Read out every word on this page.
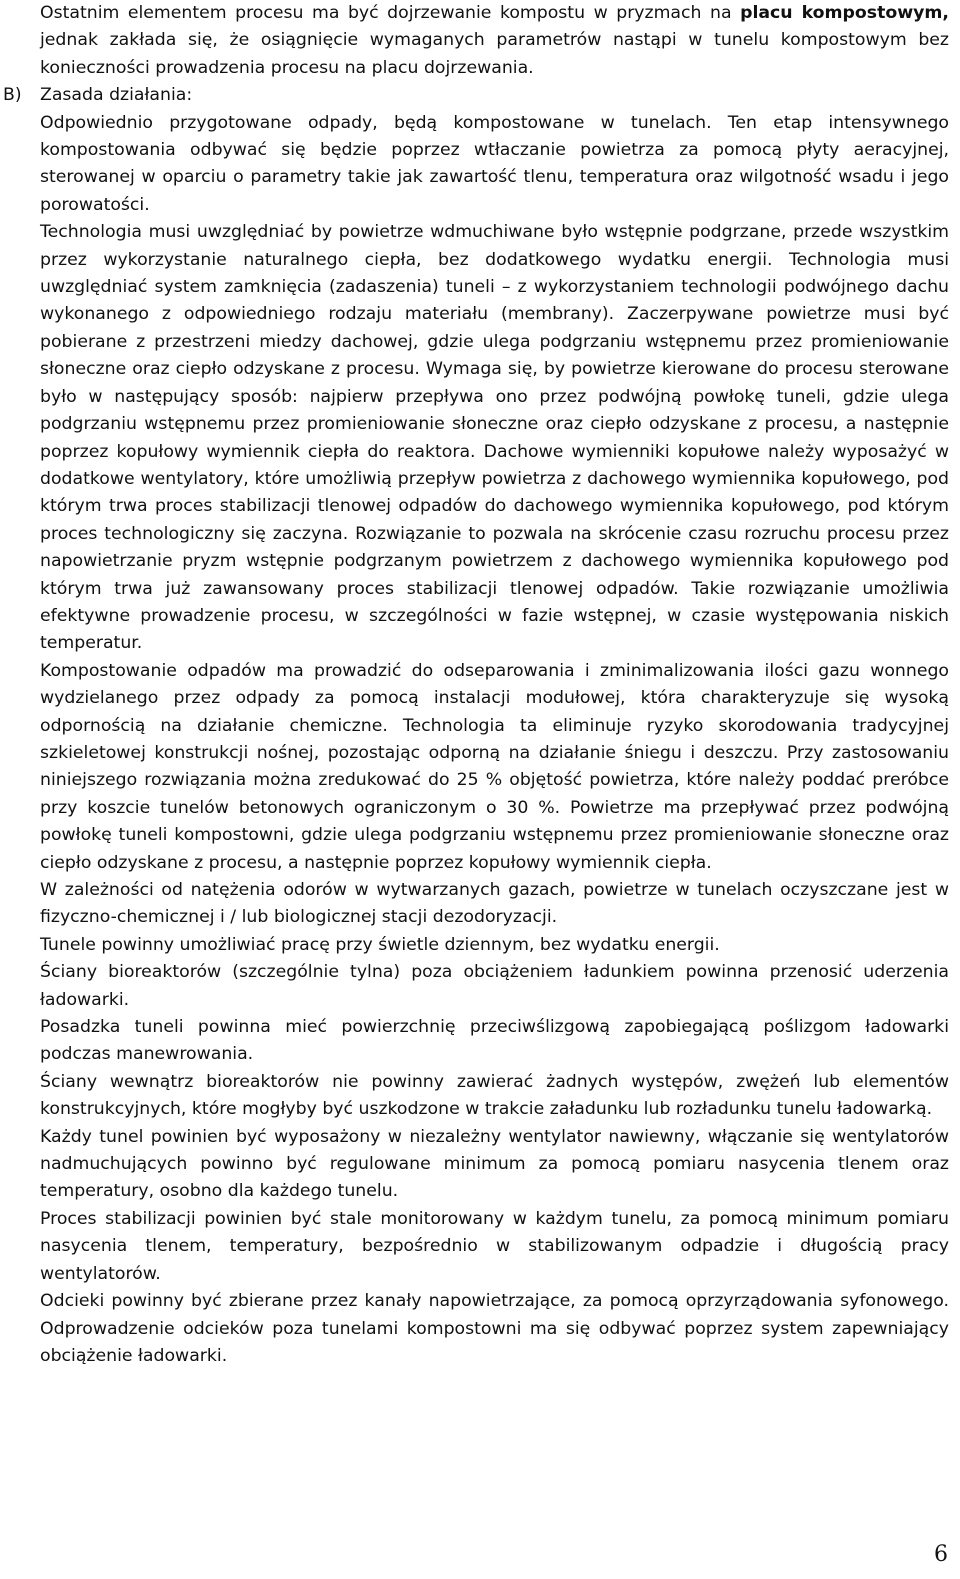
Ostatnim elementem procesu ma być dojrzewanie kompostu w pryzmach na placu kompostowym, jednak zakłada się, że osiągnięcie wymaganych parametrów nastąpi w tunelu kompostowym bez konieczności prowadzenia procesu na placu dojrzewania.

B) Zasada działania:

Odpowiednio przygotowane odpady, będą kompostowane w tunelach. Ten etap intensywnego kompostowania odbywać się będzie poprzez wtłaczanie powietrza za pomocą płyty aeracyjnej, sterowanej w oparciu o parametry takie jak zawartość tlenu, temperatura oraz wilgotność wsadu i jego porowatości.

Technologia musi uwzględniać by powietrze wdmuchiwane było wstępnie podgrzane, przede wszystkim przez wykorzystanie naturalnego ciepła, bez dodatkowego wydatku energii. Technologia musi uwzględniać system zamknięcia (zadaszenia) tuneli – z wykorzystaniem technologii podwójnego dachu wykonanego z odpowiedniego rodzaju materiału (membrany). Zaczerpywane powietrze musi być pobierane z przestrzeni miedzy dachowej, gdzie ulega podgrzaniu wstępnemu przez promieniowanie słoneczne oraz ciepło odzyskane z procesu. Wymaga się, by powietrze kierowane do procesu sterowane było w następujący sposób: najpierw przepływa ono przez podwójną powłokę tuneli, gdzie ulega podgrzaniu wstępnemu przez promieniowanie słoneczne oraz ciepło odzyskane z procesu, a następnie poprzez kopułowy wymiennik ciepła do reaktora. Dachowe wymienniki kopułowe należy wyposażyć w dodatkowe wentylatory, które umożliwią przepływ powietrza z dachowego wymiennika kopułowego, pod którym trwa proces stabilizacji tlenowej odpadów do dachowego wymiennika kopułowego, pod którym proces technologiczny się zaczyna. Rozwiązanie to pozwala na skrócenie czasu rozruchu procesu przez napowietrzanie pryzm wstępnie podgrzanym powietrzem z dachowego wymiennika kopułowego pod którym trwa już zawansowany proces stabilizacji tlenowej odpadów. Takie rozwiązanie umożliwia efektywne prowadzenie procesu, w szczególności w fazie wstępnej, w czasie występowania niskich temperatur.

Kompostowanie odpadów ma prowadzić do odseparowania i zminimalizowania ilości gazu wonnego wydzielanego przez odpady za pomocą instalacji modułowej, która charakteryzuje się wysoką odpornością na działanie chemiczne. Technologia ta eliminuje ryzyko skorodowania tradycyjnej szkieletowej konstrukcji nośnej, pozostając odporną na działanie śniegu i deszczu. Przy zastosowaniu niniejszego rozwiązania można zredukować do 25 % objętość powietrza, które należy poddać preróbce przy koszcie tunelów betonowych ograniczonym o 30 %. Powietrze ma przepływać przez podwójną powłokę tuneli kompostowni, gdzie ulega podgrzaniu wstępnemu przez promieniowanie słoneczne oraz ciepło odzyskane z procesu, a następnie poprzez kopułowy wymiennik ciepła.

W zależności od natężenia odorów w wytwarzanych gazach, powietrze w tunelach oczyszczane jest w fizyczno-chemicznej i / lub biologicznej stacji dezodoryzacji.

Tunele powinny umożliwiać pracę przy świetle dziennym, bez wydatku energii.

Ściany bioreaktorów (szczególnie tylna) poza obciążeniem ładunkiem powinna przenosić uderzenia ładowarki.

Posadzka tuneli powinna mieć powierzchnię przeciwślizgową zapobiegającą poślizgom ładowarki podczas manewrowania.

Ściany wewnątrz bioreaktorów nie powinny zawierać żadnych występów, zwężeń lub elementów konstrukcyjnych, które mogłyby być uszkodzone w trakcie załadunku lub rozładunku tunelu ładowarką.

Każdy tunel powinien być wyposażony w niezależny wentylator nawiewny, włączanie się wentylatorów nadmuchujących powinno być regulowane minimum za pomocą pomiaru nasycenia tlenem oraz temperatury, osobno dla każdego tunelu.

Proces stabilizacji powinien być stale monitorowany w każdym tunelu, za pomocą minimum pomiaru nasycenia tlenem, temperatury, bezpośrednio w stabilizowanym odpadzie i długością pracy wentylatorów.

Odcieki powinny być zbierane przez kanały napowietrzające, za pomocą oprzyrządowania syfonowego. Odprowadzenie odcieków poza tunelami kompostowni ma się odbywać poprzez system zapewniający obciążenie ładowarki.

6
